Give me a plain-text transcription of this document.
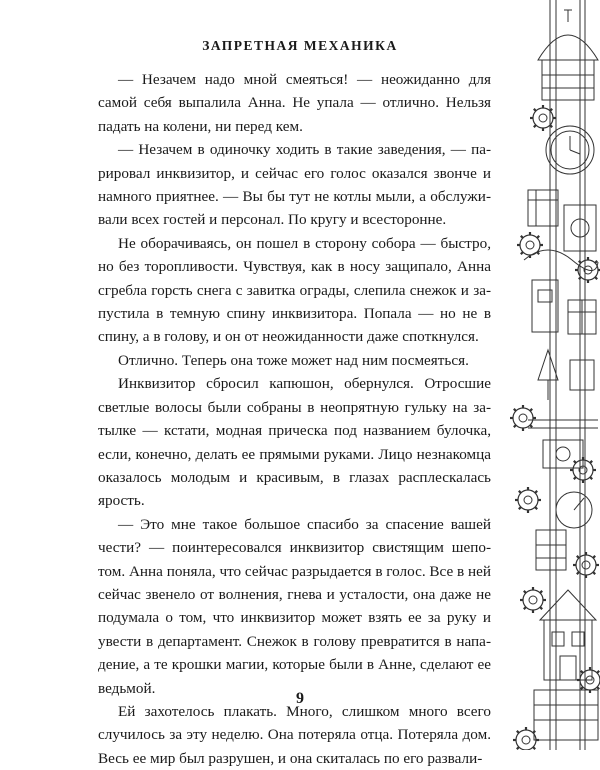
ЗАПРЕТНАЯ МЕХАНИКА

— Незачем надо мной смеяться! — неожиданно для самой себя выпалила Анна. Не упала — отлично. Нельзя падать на колени, ни перед кем.

— Незачем в одиночку ходить в такие заведения, — парировал инквизитор, и сейчас его голос оказался звонче и намного приятнее. — Вы бы тут не котлы мыли, а обслуживали всех гостей и персонал. По кругу и всесторонне.

Не оборачиваясь, он пошел в сторону собора — быстро, но без торопливости. Чувствуя, как в носу защипало, Анна сгребла горсть снега с завитка ограды, слепила снежок и запустила в темную спину инквизитора. Попала — но не в спину, а в голову, и он от неожиданности даже споткнулся.

Отлично. Теперь она тоже может над ним посмеяться.

Инквизитор сбросил капюшон, обернулся. Отросшие светлые волосы были собраны в неопрятную гульку на затылке — кстати, модная прическа под названием булочка, если, конечно, делать ее прямыми руками. Лицо незнакомца оказалось молодым и красивым, в глазах расплескалась ярость.

— Это мне такое большое спасибо за спасение вашей чести? — поинтересовался инквизитор свистящим шепотом. Анна поняла, что сейчас разрыдается в голос. Все в ней сейчас звенело от волнения, гнева и усталости, она даже не подумала о том, что инквизитор может взять ее за руку и увести в департамент. Снежок в голову превратится в нападение, а те крошки магии, которые были в Анне, сделают ее ведьмой.

Ей захотелось плакать. Много, слишком много всего случилось за эту неделю. Она потеряла отца. Потеряла дом. Весь ее мир был разрушен, и она скиталась по его развали-

9
